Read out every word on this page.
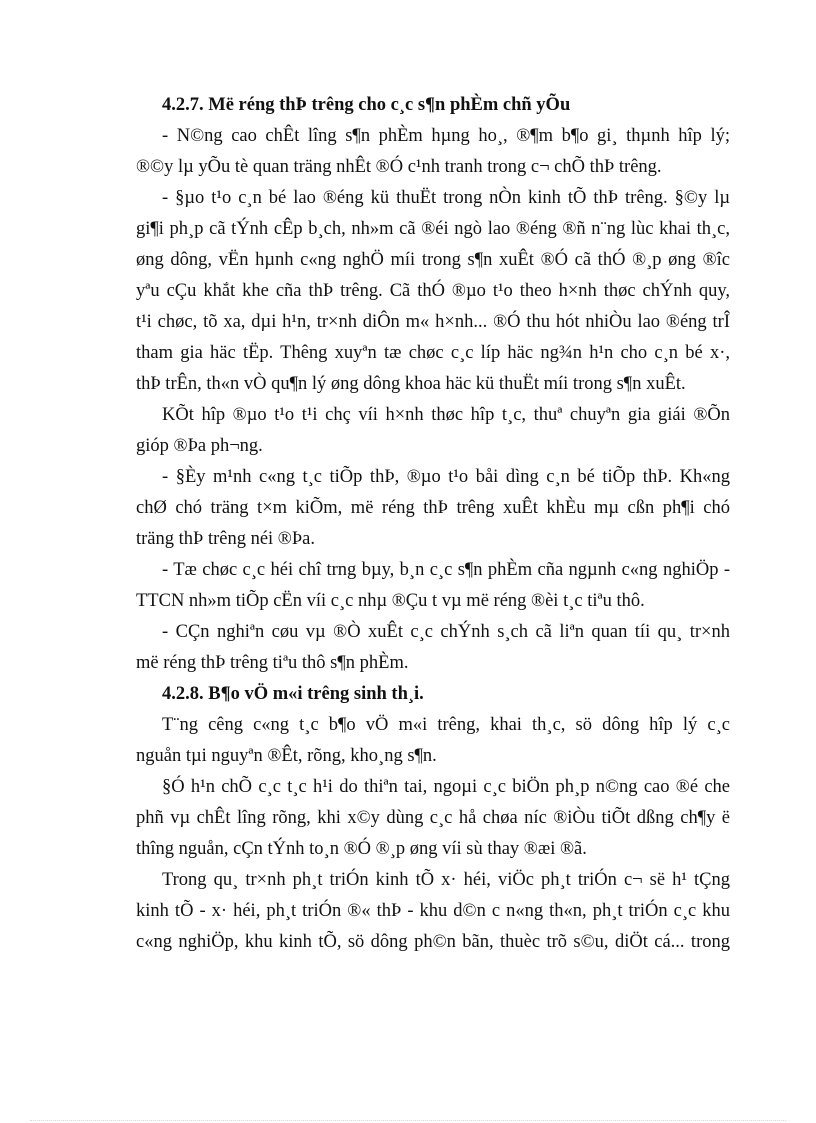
4.2.7. Më réng thÞ trêng cho c¸c s¶n phÈm chñ yÕu
- N©ng cao chÊt lîng s¶n phÈm hµng ho¸, ®¶m b¶o gi¸ thµnh hîp lý;
®©y lµ yÕu tè quan träng nhÊt ®Ó c¹nh tranh trong c¬ chÕ thÞ trêng.
- §µo t¹o c¸n bé lao ®éng kü thuËt trong nÒn kinh tÕ thÞ trêng. §©y lµ
gi¶i ph¸p cã tÝnh cÊp b¸ch, nh»m cã ®éi ngò lao ®éng ®ñ n¨ng lùc khai th¸c,
øng dông, vËn hµnh c«ng nghÖ míi trong s¶n xuÊt ®Ó cã thÓ ®¸p øng ®îc
yªu cÇu khắt khe cña thÞ trêng. Cã thÓ ®µo t¹o theo h×nh thøc chÝnh quy,
t¹i chøc, tõ xa, dµi h¹n, tr×nh diÔn m« h×nh... ®Ó thu hót nhiÒu lao ®éng trÎ
tham gia häc tËp. Thêng xuyªn tæ chøc c¸c líp häc ng¾n h¹n cho c¸n bé x·,
thÞ trÊn, th«n vÒ qu¶n lý øng dông khoa häc kü thuËt míi trong s¶n xuÊt.
KÕt hîp ®µo t¹o t¹i chç víi h×nh thøc hîp t¸c, thuª chuyªn gia giái ®Õn
gióp ®Þa ph¬ng.
- §Èy m¹nh c«ng t¸c tiÕp thÞ, ®µo t¹o båi dìng c¸n bé tiÕp thÞ. Kh«ng
chØ chó träng t×m kiÕm, më réng thÞ trêng xuÊt khÈu mµ cßn ph¶i chó
träng thÞ trêng néi ®Þa.
- Tæ chøc c¸c héi chî trng bµy, b¸n c¸c s¶n phÈm cña ngµnh c«ng nghiÖp -
TTCN nh»m tiÕp cËn víi c¸c nhµ ®Çu t vµ më réng ®èi t¸c tiªu thô.
- CÇn nghiªn cøu vµ ®Ò xuÊt c¸c chÝnh s¸ch cã liªn quan tíi qu¸ tr×nh
më réng thÞ trêng tiªu thô s¶n phÈm.
4.2.8. B¶o vÖ m«i trêng sinh th¸i.
T¨ng cêng c«ng t¸c b¶o vÖ m«i trêng, khai th¸c, sö dông hîp lý c¸c
nguån tµi nguyªn ®Êt, rõng, kho¸ng s¶n.
§Ó h¹n chÕ c¸c t¸c h¹i do thiªn tai, ngoµi c¸c biÖn ph¸p n©ng cao ®é che
phñ vµ chÊt lîng rõng, khi x©y dùng c¸c hå chøa níc ®iÒu tiÕt dßng ch¶y ë
thîng nguån, cÇn tÝnh to¸n ®Ó ®¸p øng víi sù thay ®æi ®ã.
Trong qu¸ tr×nh ph¸t triÓn kinh tÕ x· héi, viÖc ph¸t triÓn c¬ së h¹ tÇng
kinh tÕ - x· héi, ph¸t triÓn ®« thÞ - khu d©n c n«ng th«n, ph¸t triÓn c¸c khu
c«ng nghiÖp, khu kinh tÕ, sö dông ph©n bãn, thuèc trõ s©u, diÖt cá... trong
